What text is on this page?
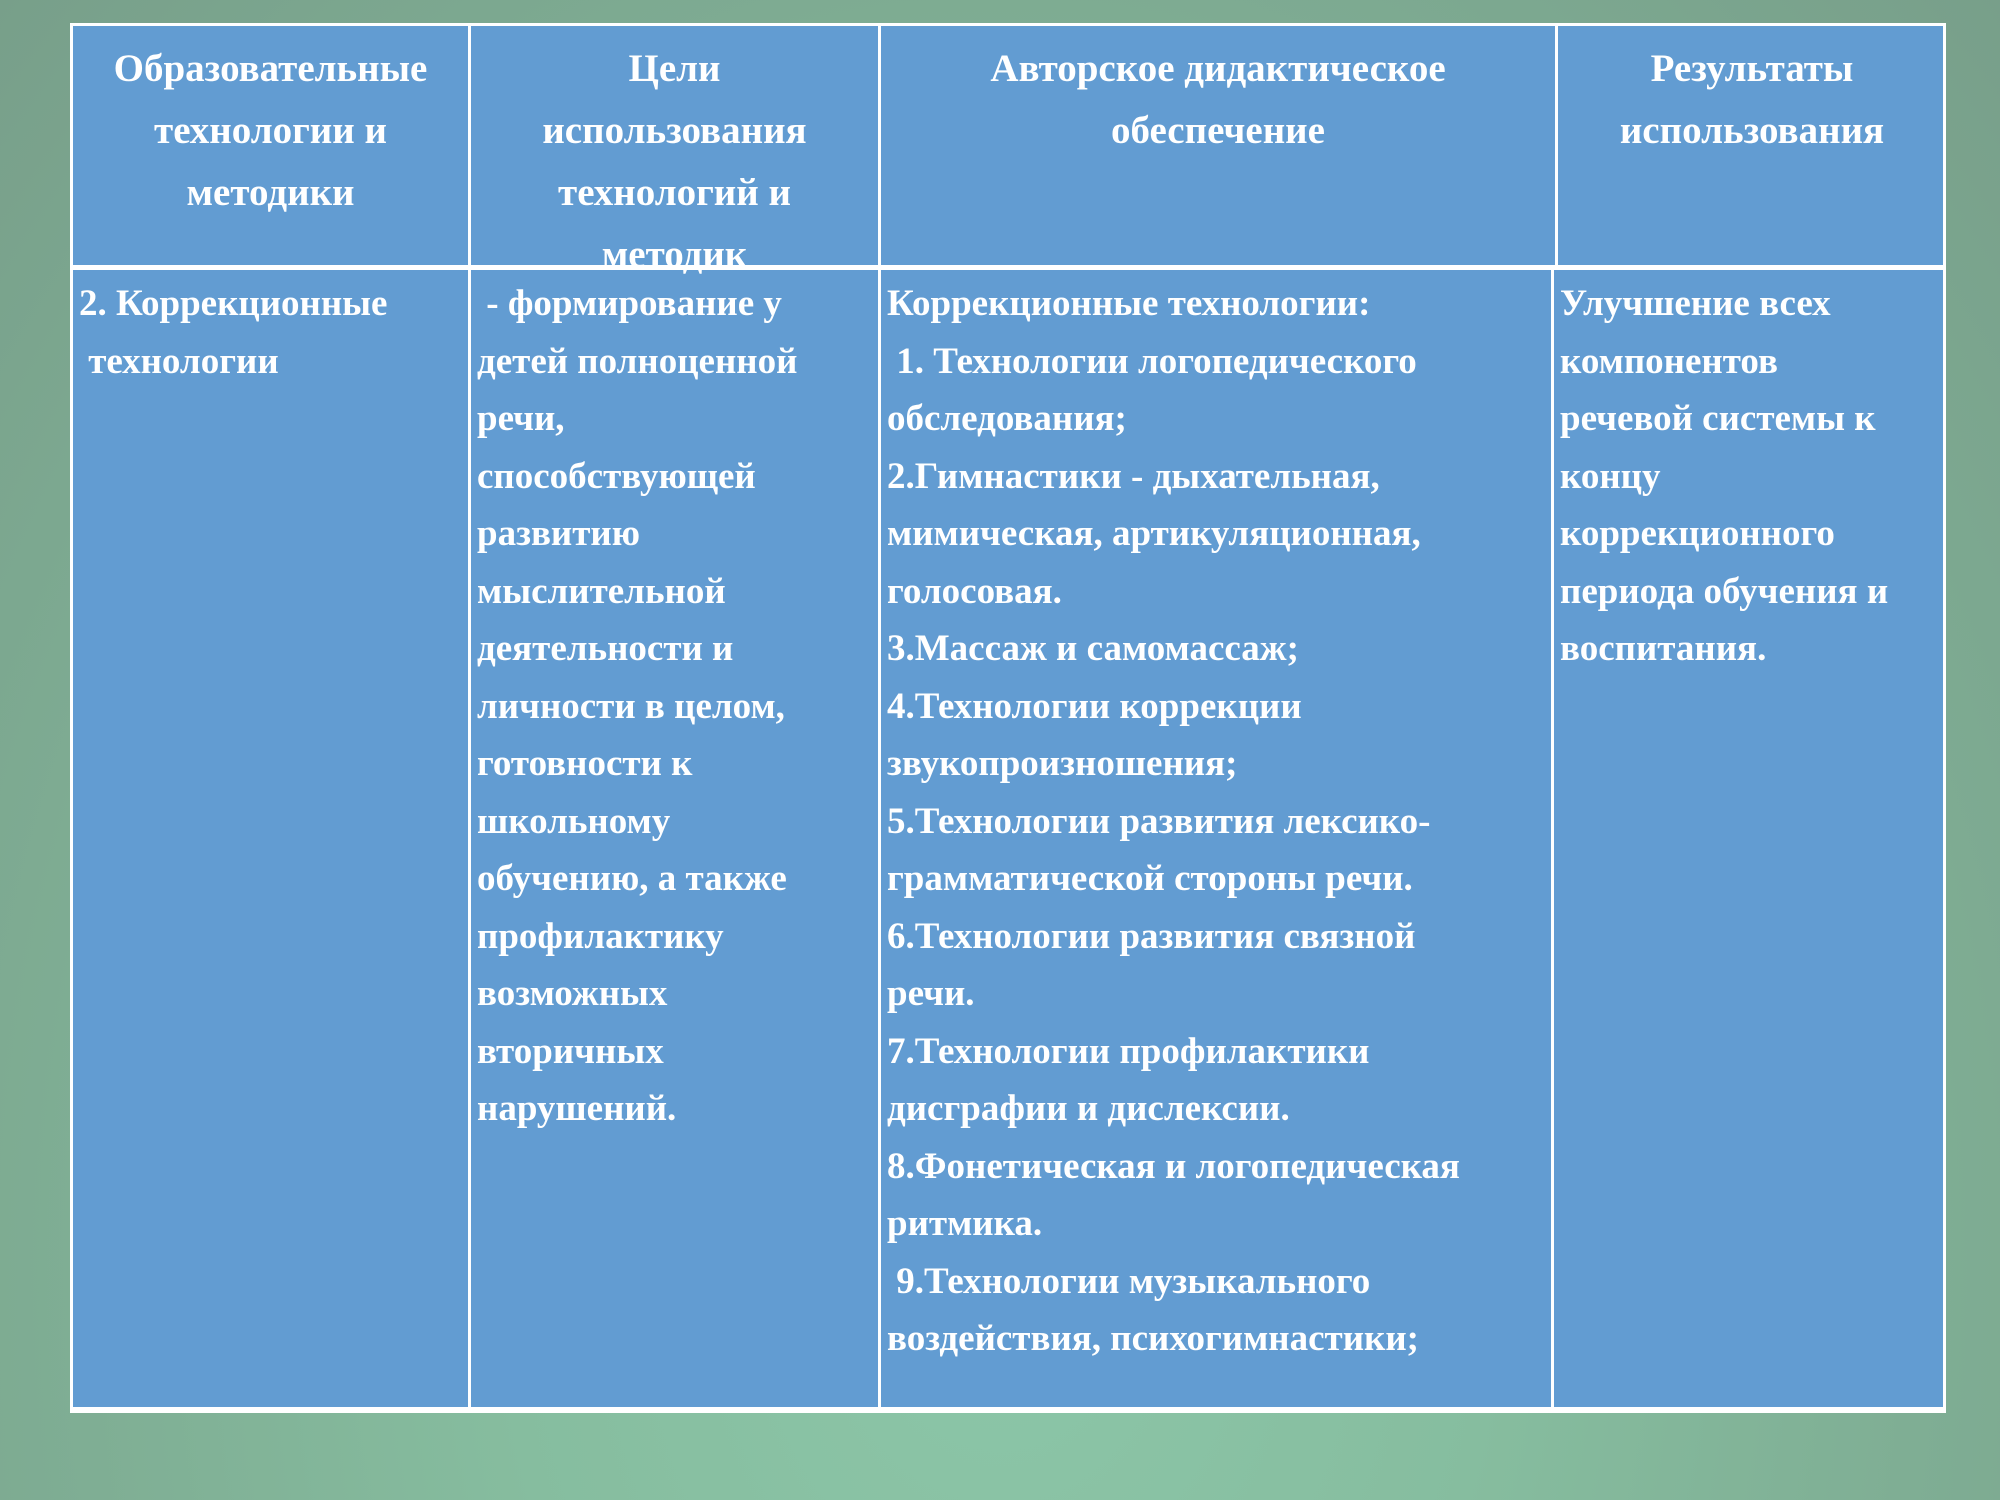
Образовательные
технологии и
методики
Цели
использования
технологий и
методик
Авторское дидактическое
обеспечение
Результаты
использования
2. Коррекционные
технологии
- формирование у
детей полноценной
речи,
способствующей
развитию
мыслительной
деятельности и
личности в целом,
готовности к
школьному
обучению, а также
профилактику
возможных
вторичных
нарушений.
Коррекционные технологии:
1. Технологии логопедического
обследования;
2.Гимнастики - дыхательная,
мимическая, артикуляционная,
голосовая.
3.Массаж и самомассаж;
4.Технологии коррекции
звукопроизношения;
5.Технологии развития лексико-
грамматической стороны речи.
6.Технологии развития связной
речи.
7.Технологии профилактики
дисграфии и дислексии.
8.Фонетическая и логопедическая
ритмика.
9.Технологии музыкального
воздействия, психогимнастики;
Улучшение всех
компонентов
речевой системы к
концу
коррекционного
периода обучения и
воспитания.
